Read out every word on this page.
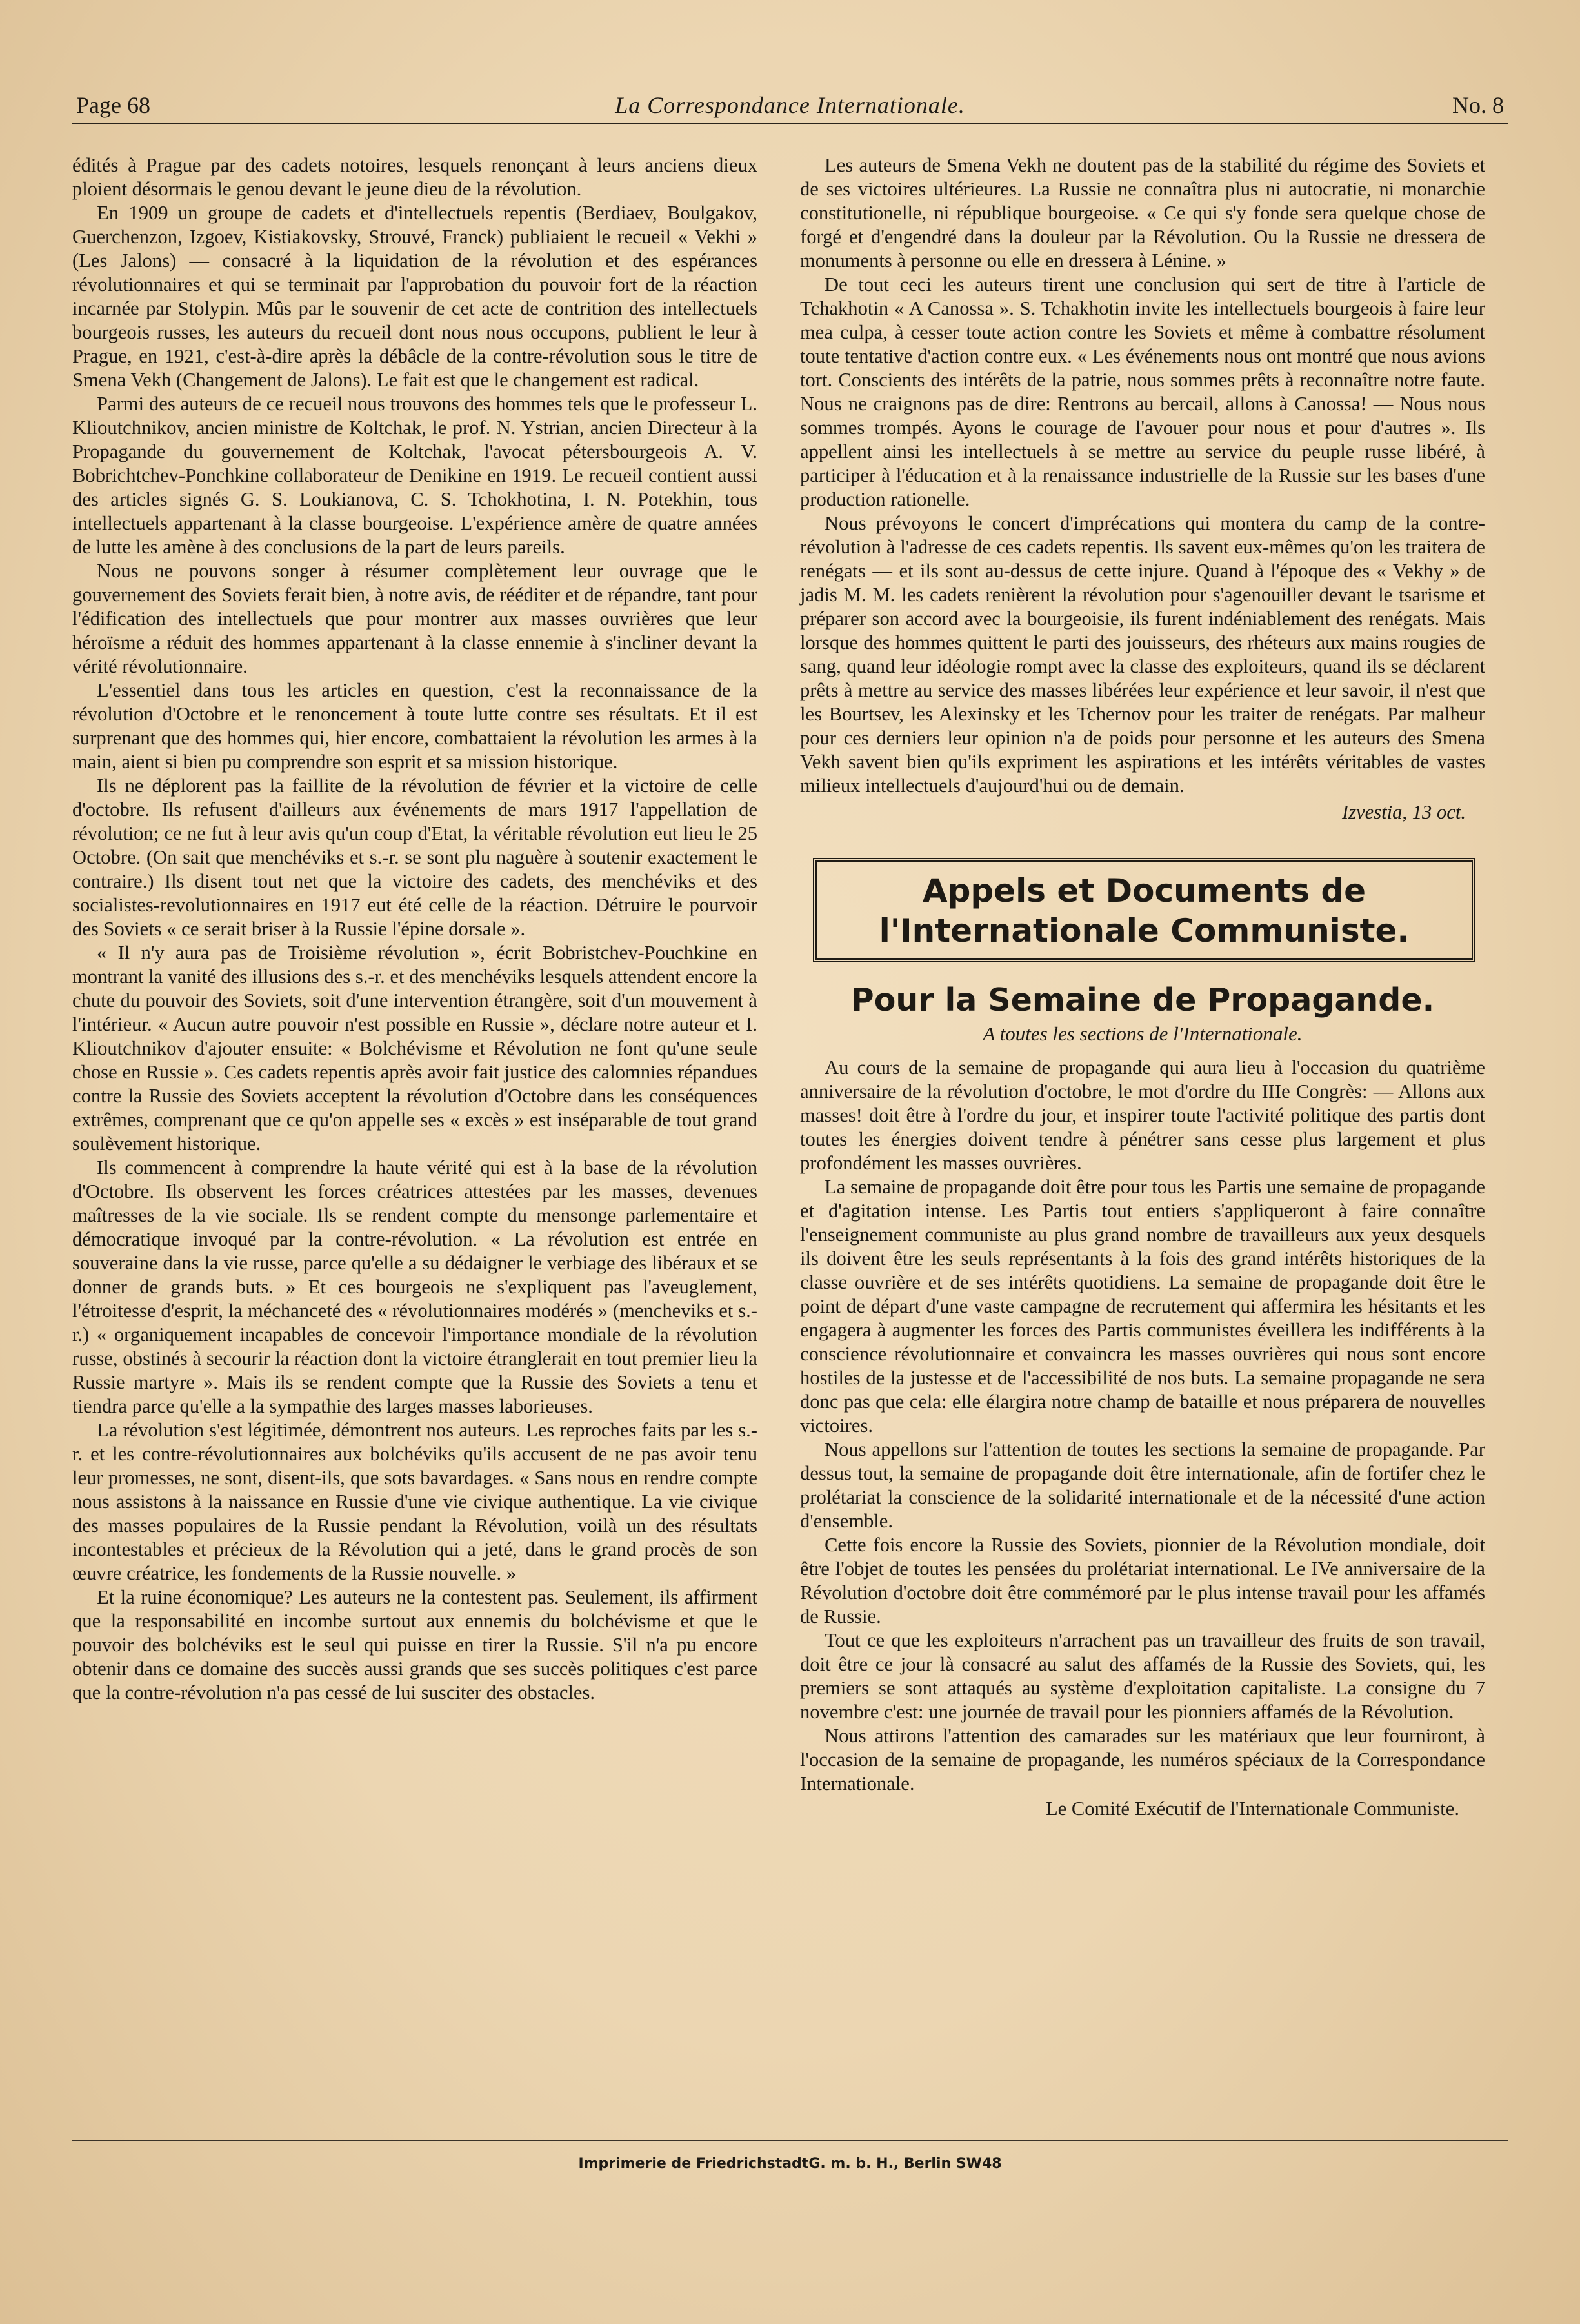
Page 68	La Correspondance Internationale.	No. 8

édités à Prague par des cadets notoires, lesquels renonçant à leurs anciens dieux ploient désormais le genou devant le jeune dieu de la révolution.

En 1909 un groupe de cadets et d'intellectuels repentis (Berdiaev, Boulgakov, Guerchenzon, Izgoev, Kistiakovsky, Strouvé, Franck) publiaient le recueil « Vekhi » (Les Jalons) — consacré à la liquidation de la révolution et des espérances révolutionnaires et qui se terminait par l'approbation du pouvoir fort de la réaction incarnée par Stolypin. Mûs par le souvenir de cet acte de contrition des intellectuels bourgeois russes, les auteurs du recueil dont nous nous occupons, publient le leur à Prague, en 1921, c'est-à-dire après la débâcle de la contre-révolution sous le titre de Smena Vekh (Changement de Jalons). Le fait est que le changement est radical.

Parmi des auteurs de ce recueil nous trouvons des hommes tels que le professeur L. Klioutchnikov, ancien ministre de Koltchak, le prof. N. Ystrian, ancien Directeur à la Propagande du gouvernement de Koltchak, l'avocat pétersbourgeois A. V. Bobrichtchev-Ponchkine collaborateur de Denikine en 1919. Le recueil contient aussi des articles signés G. S. Loukianova, C. S. Tchokhotina, I. N. Potekhin, tous intellectuels appartenant à la classe bourgeoise. L'expérience amère de quatre années de lutte les amène à des conclusions de la part de leurs pareils.

Nous ne pouvons songer à résumer complètement leur ouvrage que le gouvernement des Soviets ferait bien, à notre avis, de rééditer et de répandre, tant pour l'édification des intellectuels que pour montrer aux masses ouvrières que leur héroïsme a réduit des hommes appartenant à la classe ennemie à s'incliner devant la vérité révolutionnaire.

L'essentiel dans tous les articles en question, c'est la reconnaissance de la révolution d'Octobre et le renoncement à toute lutte contre ses résultats. Et il est surprenant que des hommes qui, hier encore, combattaient la révolution les armes à la main, aient si bien pu comprendre son esprit et sa mission historique.

Ils ne déplorent pas la faillite de la révolution de février et la victoire de celle d'octobre. Ils refusent d'ailleurs aux événements de mars 1917 l'appellation de révolution; ce ne fut à leur avis qu'un coup d'Etat, la véritable révolution eut lieu le 25 Octobre. (On sait que menchéviks et s.-r. se sont plu naguère à soutenir exactement le contraire.) Ils disent tout net que la victoire des cadets, des menchéviks et des socialistes-revolutionnaires en 1917 eut été celle de la réaction. Détruire le pourvoir des Soviets « ce serait briser à la Russie l'épine dorsale ».

« Il n'y aura pas de Troisième révolution », écrit Bobristchev-Pouchkine en montrant la vanité des illusions des s.-r. et des menchéviks lesquels attendent encore la chute du pouvoir des Soviets, soit d'une intervention étrangère, soit d'un mouvement à l'intérieur. « Aucun autre pouvoir n'est possible en Russie », déclare notre auteur et I. Klioutchnikov d'ajouter ensuite: « Bolchévisme et Révolution ne font qu'une seule chose en Russie ». Ces cadets repentis après avoir fait justice des calomnies répandues contre la Russie des Soviets acceptent la révolution d'Octobre dans les conséquences extrêmes, comprenant que ce qu'on appelle ses « excès » est inséparable de tout grand soulèvement historique.

Ils commencent à comprendre la haute vérité qui est à la base de la révolution d'Octobre. Ils observent les forces créatrices attestées par les masses, devenues maîtresses de la vie sociale. Ils se rendent compte du mensonge parlementaire et démocratique invoqué par la contre-révolution. « La révolution est entrée en souveraine dans la vie russe, parce qu'elle a su dédaigner le verbiage des libéraux et se donner de grands buts. » Et ces bourgeois ne s'expliquent pas l'aveuglement, l'étroitesse d'esprit, la méchanceté des « révolutionnaires modérés » (mencheviks et s.-r.) « organiquement incapables de concevoir l'importance mondiale de la révolution russe, obstinés à secourir la réaction dont la victoire étranglerait en tout premier lieu la Russie martyre ». Mais ils se rendent compte que la Russie des Soviets a tenu et tiendra parce qu'elle a la sympathie des larges masses laborieuses.

La révolution s'est légitimée, démontrent nos auteurs. Les reproches faits par les s.-r. et les contre-révolutionnaires aux bolchéviks qu'ils accusent de ne pas avoir tenu leur promesses, ne sont, disent-ils, que sots bavardages. « Sans nous en rendre compte nous assistons à la naissance en Russie d'une vie civique authentique. La vie civique des masses populaires de la Russie pendant la Révolution, voilà un des résultats incontestables et précieux de la Révolution qui a jeté, dans le grand procès de son œuvre créatrice, les fondements de la Russie nouvelle. »

Et la ruine économique? Les auteurs ne la contestent pas. Seulement, ils affirment que la responsabilité en incombe surtout aux ennemis du bolchévisme et que le pouvoir des bolchéviks est le seul qui puisse en tirer la Russie. S'il n'a pu encore obtenir dans ce domaine des succès aussi grands que ses succès politiques c'est parce que la contre-révolution n'a pas cessé de lui susciter des obstacles.

Les auteurs de Smena Vekh ne doutent pas de la stabilité du régime des Soviets et de ses victoires ultérieures. La Russie ne connaîtra plus ni autocratie, ni monarchie constitutionelle, ni république bourgeoise. « Ce qui s'y fonde sera quelque chose de forgé et d'engendré dans la douleur par la Révolution. Ou la Russie ne dressera de monuments à personne ou elle en dressera à Lénine. »

De tout ceci les auteurs tirent une conclusion qui sert de titre à l'article de Tchakhotin « A Canossa ». S. Tchakhotin invite les intellectuels bourgeois à faire leur mea culpa, à cesser toute action contre les Soviets et même à combattre résolument toute tentative d'action contre eux. « Les événements nous ont montré que nous avions tort. Conscients des intérêts de la patrie, nous sommes prêts à reconnaître notre faute. Nous ne craignons pas de dire: Rentrons au bercail, allons à Canossa! — Nous nous sommes trompés. Ayons le courage de l'avouer pour nous et pour d'autres ». Ils appellent ainsi les intellectuels à se mettre au service du peuple russe libéré, à participer à l'éducation et à la renaissance industrielle de la Russie sur les bases d'une production rationelle.

Nous prévoyons le concert d'imprécations qui montera du camp de la contre-révolution à l'adresse de ces cadets repentis. Ils savent eux-mêmes qu'on les traitera de renégats — et ils sont au-dessus de cette injure. Quand à l'époque des « Vekhy » de jadis M. M. les cadets renièrent la révolution pour s'agenouiller devant le tsarisme et préparer son accord avec la bourgeoisie, ils furent indéniablement des renégats. Mais lorsque des hommes quittent le parti des jouisseurs, des rhéteurs aux mains rougies de sang, quand leur idéologie rompt avec la classe des exploiteurs, quand ils se déclarent prêts à mettre au service des masses libérées leur expérience et leur savoir, il n'est que les Bourtsev, les Alexinsky et les Tchernov pour les traiter de renégats. Par malheur pour ces derniers leur opinion n'a de poids pour personne et les auteurs des Smena Vekh savent bien qu'ils expriment les aspirations et les intérêts véritables de vastes milieux intellectuels d'aujourd'hui ou de demain.

Izvestia, 13 oct.

Appels et Documents de
l'Internationale Communiste.
Pour la Semaine de Propagande.
A toutes les sections de l'Internationale.

Au cours de la semaine de propagande qui aura lieu à l'occasion du quatrième anniversaire de la révolution d'octobre, le mot d'ordre du IIIe Congrès: — Allons aux masses! doit être à l'ordre du jour, et inspirer toute l'activité politique des partis dont toutes les énergies doivent tendre à pénétrer sans cesse plus largement et plus profondément les masses ouvrières.

La semaine de propagande doit être pour tous les Partis une semaine de propagande et d'agitation intense. Les Partis tout entiers s'appliqueront à faire connaître l'enseignement communiste au plus grand nombre de travailleurs aux yeux desquels ils doivent être les seuls représentants à la fois des grand intérêts historiques de la classe ouvrière et de ses intérêts quotidiens. La semaine de propagande doit être le point de départ d'une vaste campagne de recrutement qui affermira les hésitants et les engagera à augmenter les forces des Partis communistes éveillera les indifférents à la conscience révolutionnaire et convaincra les masses ouvrières qui nous sont encore hostiles de la justesse et de l'accessibilité de nos buts. La semaine propagande ne sera donc pas que cela: elle élargira notre champ de bataille et nous préparera de nouvelles victoires.

Nous appellons sur l'attention de toutes les sections la semaine de propagande. Par dessus tout, la semaine de propagande doit être internationale, afin de fortifer chez le prolétariat la conscience de la solidarité internationale et de la nécessité d'une action d'ensemble.

Cette fois encore la Russie des Soviets, pionnier de la Révolution mondiale, doit être l'objet de toutes les pensées du prolétariat international. Le IVe anniversaire de la Révolution d'octobre doit être commémoré par le plus intense travail pour les affamés de Russie.

Tout ce que les exploiteurs n'arrachent pas un travailleur des fruits de son travail, doit être ce jour là consacré au salut des affamés de la Russie des Soviets, qui, les premiers se sont attaqués au système d'exploitation capitaliste. La consigne du 7 novembre c'est: une journée de travail pour les pionniers affamés de la Révolution.

Nous attirons l'attention des camarades sur les matériaux que leur fourniront, à l'occasion de la semaine de propagande, les numéros spéciaux de la Correspondance Internationale.

Le Comité Exécutif de l'Internationale Communiste.

Imprimerie de FriedrichstadtG. m. b. H., Berlin SW48
